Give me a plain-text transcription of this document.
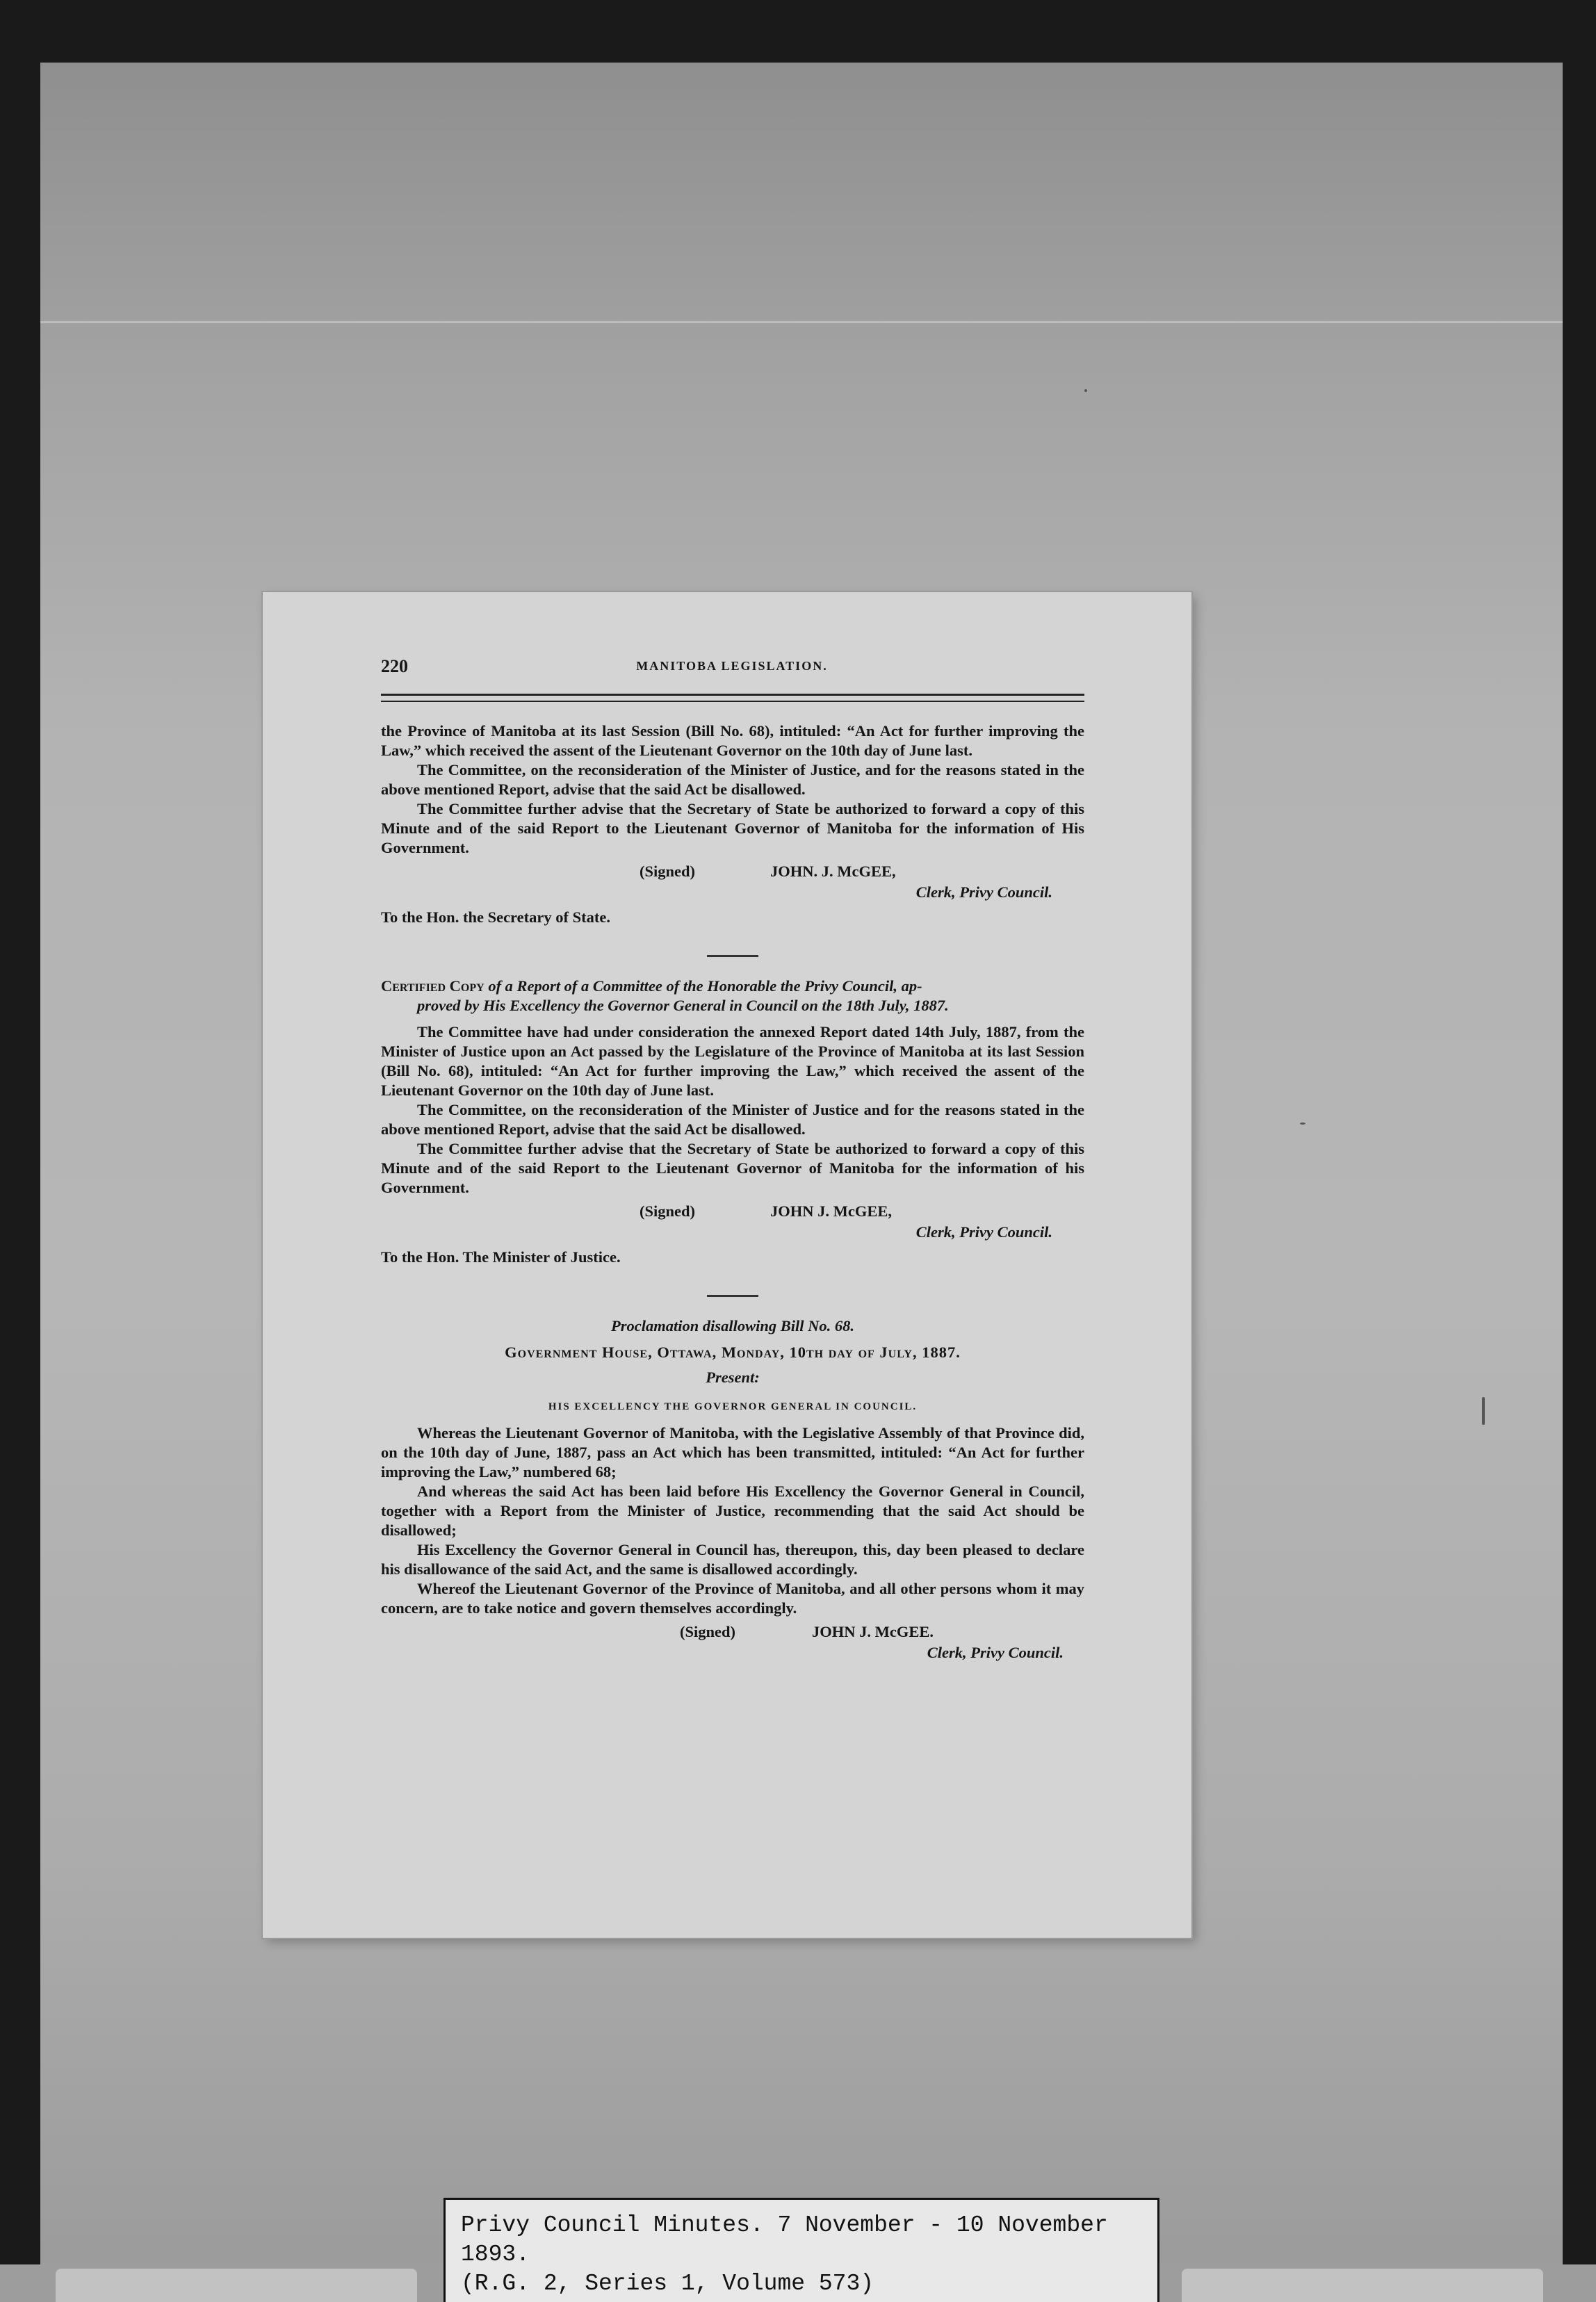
220	MANITOBA LEGISLATION.

the Province of Manitoba at its last Session (Bill No. 68), intituled: “An Act for further improving the Law,” which received the assent of the Lieutenant Governor on the 10th day of June last.

The Committee, on the reconsideration of the Minister of Justice, and for the reasons stated in the above mentioned Report, advise that the said Act be disallowed.

The Committee further advise that the Secretary of State be authorized to forward a copy of this Minute and of the said Report to the Lieutenant Governor of Manitoba for the information of His Government.

(Signed)	JOHN. J. McGEE,
Clerk, Privy Council.
To the Hon. the Secretary of State.

Certified Copy of a Report of a Committee of the Honorable the Privy Council, ap-

proved by His Excellency the Governor General in Council on the 18th July, 1887.

The Committee have had under consideration the annexed Report dated 14th July, 1887, from the Minister of Justice upon an Act passed by the Legislature of the Province of Manitoba at its last Session (Bill No. 68), intituled: “An Act for further improving the Law,” which received the assent of the Lieutenant Governor on the 10th day of June last.

The Committee, on the reconsideration of the Minister of Justice and for the reasons stated in the above mentioned Report, advise that the said Act be disallowed.

The Committee further advise that the Secretary of State be authorized to forward a copy of this Minute and of the said Report to the Lieutenant Governor of Manitoba for the information of his Government.

(Signed)	JOHN J. McGEE,
Clerk, Privy Council.
To the Hon. The Minister of Justice.
Proclamation disallowing Bill No. 68.
Government House, Ottawa, Monday, 10th day of July, 1887.
Present:
HIS EXCELLENCY THE GOVERNOR GENERAL IN COUNCIL.

Whereas the Lieutenant Governor of Manitoba, with the Legislative Assembly of that Province did, on the 10th day of June, 1887, pass an Act which has been transmitted, intituled: “An Act for further improving the Law,” numbered 68;

And whereas the said Act has been laid before His Excellency the Governor General in Council, together with a Report from the Minister of Justice, recommending that the said Act should be disallowed;

His Excellency the Governor General in Council has, thereupon, this, day been pleased to declare his disallowance of the said Act, and the same is disallowed accordingly.

Whereof the Lieutenant Governor of the Province of Manitoba, and all other persons whom it may concern, are to take notice and govern themselves accordingly.

(Signed)	JOHN J. McGEE.
Clerk, Privy Council.
Privy Council Minutes. 7 November - 10 November 1893.
(R.G. 2, Series 1, Volume 573)
